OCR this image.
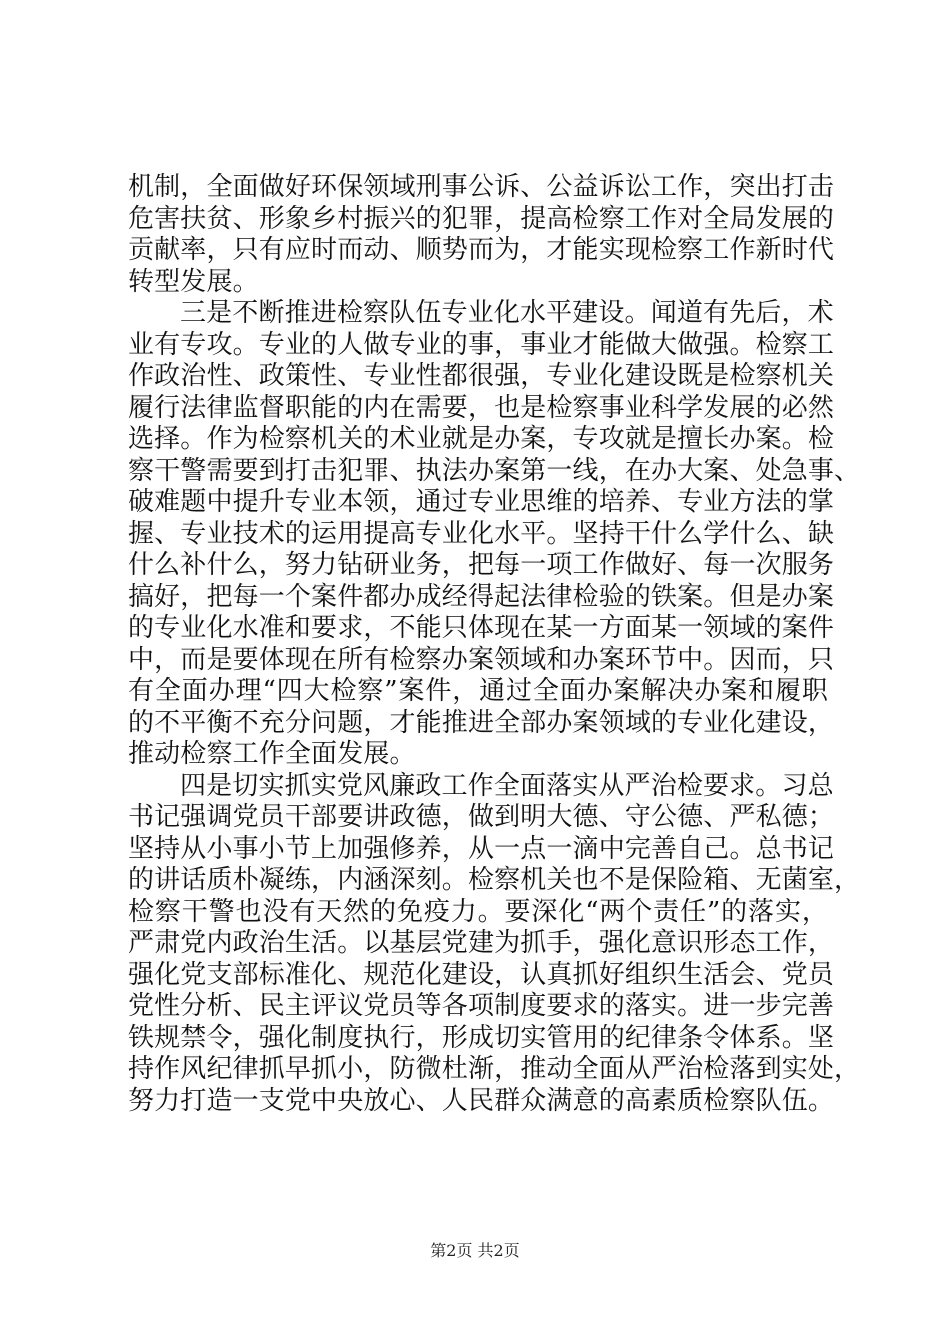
机制，全面做好环保领域刑事公诉、公益诉讼工作，突出打击
危害扶贫、形象乡村振兴的犯罪，提高检察工作对全局发展的
贡献率，只有应时而动、顺势而为，才能实现检察工作新时代
转型发展。
三是不断推进检察队伍专业化水平建设。闻道有先后，术
业有专攻。专业的人做专业的事，事业才能做大做强。检察工
作政治性、政策性、专业性都很强，专业化建设既是检察机关
履行法律监督职能的内在需要，也是检察事业科学发展的必然
选择。作为检察机关的术业就是办案，专攻就是擅长办案。检
察干警需要到打击犯罪、执法办案第一线，在办大案、处急事、
破难题中提升专业本领，通过专业思维的培养、专业方法的掌
握、专业技术的运用提高专业化水平。坚持干什么学什么、缺
什么补什么，努力钻研业务，把每一项工作做好、每一次服务
搞好，把每一个案件都办成经得起法律检验的铁案。但是办案
的专业化水准和要求，不能只体现在某一方面某一领域的案件
中，而是要体现在所有检察办案领域和办案环节中。因而，只
有全面办理“四大检察”案件，通过全面办案解决办案和履职
的不平衡不充分问题，才能推进全部办案领域的专业化建设，
推动检察工作全面发展。
四是切实抓实党风廉政工作全面落实从严治检要求。习总
书记强调党员干部要讲政德，做到明大德、守公德、严私德；
坚持从小事小节上加强修养，从一点一滴中完善自己。总书记
的讲话质朴凝练，内涵深刻。检察机关也不是保险箱、无菌室，
检察干警也没有天然的免疫力。要深化“两个责任”的落实，
严肃党内政治生活。以基层党建为抓手，强化意识形态工作，
强化党支部标准化、规范化建设，认真抓好组织生活会、党员
党性分析、民主评议党员等各项制度要求的落实。进一步完善
铁规禁令，强化制度执行，形成切实管用的纪律条令体系。坚
持作风纪律抓早抓小，防微杜渐，推动全面从严治检落到实处，
努力打造一支党中央放心、人民群众满意的高素质检察队伍。
第2页 共2页
